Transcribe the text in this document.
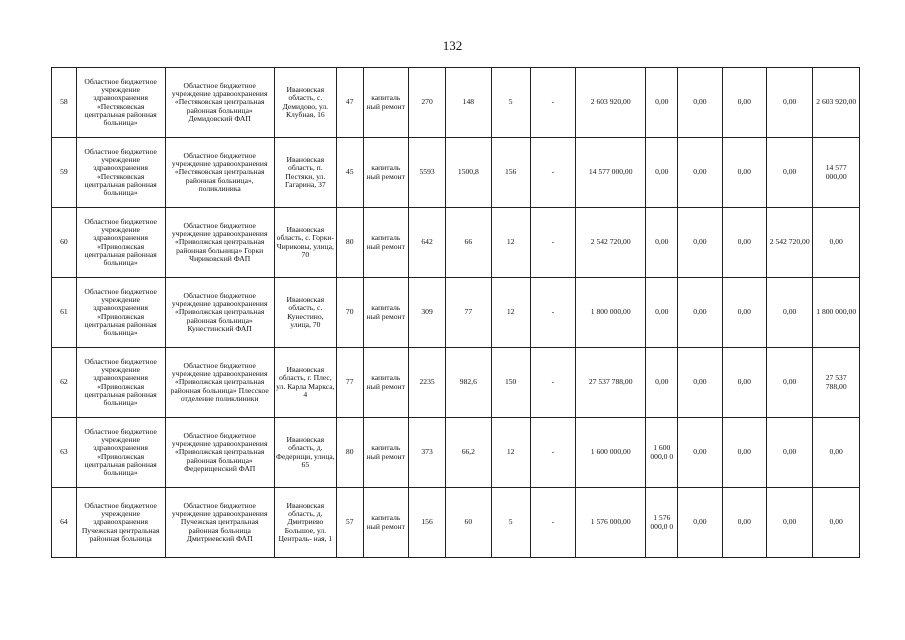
132
58	Областное бюджетное учреждение здравоохранения «Пестяковская центральная районная больница»	Областное бюджетное учреждение здравоохранения «Пестяковская центральная районная больница» Демидовский ФАП	Ивановская область, с. Демидово, ул. Клубная, 16	47	капиталь ный ремонт	270	148	5	-	2 603 920,00	0,00	0,00	0,00	0,00	2 603 920,00
59	Областное бюджетное учреждение здравоохранения «Пестяковская центральная районная больница»	Областное бюджетное учреждение здравоохранения «Пестяковская центральная районная больница», поликлиника	Ивановская область, п. Пестяки, ул. Гагарина, 37	45	капиталь ный ремонт	5593	1500,8	156	-	14 577 000,00	0,00	0,00	0,00	0,00	14 577 000,00
60	Областное бюджетное учреждение здравоохранения «Приволжская центральная районная больница»	Областное бюджетное учреждение здравоохранения «Приволжская центральная районная больница» Горки Чириковский ФАП	Ивановская область, с. Горки-Чириковы, улица, 70	80	капиталь ный ремонт	642	66	12	-	2 542 720,00	0,00	0,00	0,00	2 542 720,00	0,00
61	Областное бюджетное учреждение здравоохранения «Приволжская центральная районная больница»	Областное бюджетное учреждение здравоохранения «Приволжская центральная районная больница» Кунестинский ФАП	Ивановская область, с. Кунестино, улица, 70	70	капиталь ный ремонт	309	77	12	-	1 800 000,00	0,00	0,00	0,00	0,00	1 800 000,00
62	Областное бюджетное учреждение здравоохранения «Приволжская центральная районная больница»	Областное бюджетное учреждение здравоохранения «Приволжская центральная районная больница» Плесское отделение поликлиники	Ивановская область, г. Плес, ул. Карла Маркса, 4	77	капиталь ный ремонт	2235	982,6	150	-	27 537 788,00	0,00	0,00	0,00	0,00	27 537 788,00
63	Областное бюджетное учреждение здравоохранения «Приволжская центральная районная больница»	Областное бюджетное учреждение здравоохранения «Приволжская центральная районная больница» Федерищенский ФАП	Ивановская область, д. Федерищи, улица, 65	80	капиталь ный ремонт	373	66,2	12	-	1 600 000,00	1 600 000,0 0	0,00	0,00	0,00	0,00
64	Областное бюджетное учреждение здравоохранения Пучежская центральная районная больница	Областное бюджетное учреждение здравоохранения Пучежская центральная районная больница Дмитриевский ФАП	Ивановская область, д. Дмитриево Большое, ул. Централь- ная, 1	57	капиталь ный ремонт	156	60	5	-	1 576 000,00	1 576 000,0 0	0,00	0,00	0,00	0,00
